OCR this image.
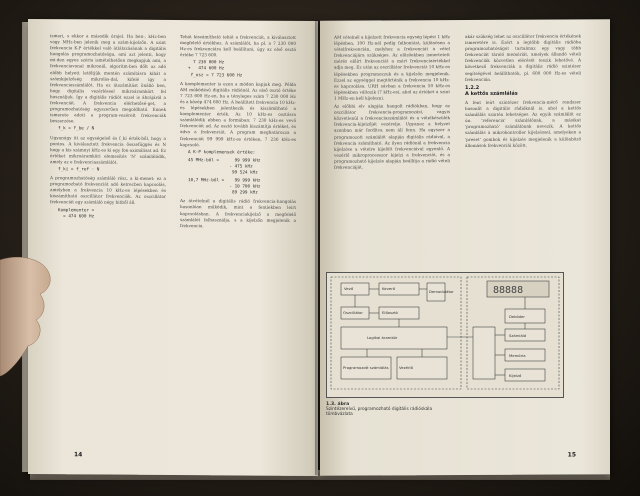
ismeri, s ekkor a második órajel. Ha ben-, kHz-ben vagy MHz-ben jelenik meg a szám-kijelzőn. A szint frekvencia K-P értékkel való átlátszásának a digitális hangolás programozhatósága, ami azt jelenti, hogy mi-den egyes széria ismételhetően megkapjuk ami, a frekvenciavonal mikronál, algoritm-ben dőlt az adó előbb helyett letöltjük mentén számításra kihát a számkijelzőség mikrolás-dal, kifelé így a frekvenciaszámlálót. Ha ez átszámítást önálló ben, hogy digitális vezérléssel mikroáramkört fel használjuk. Így a digitális rádiót ezzel is ábrájáról a frekvenciát. A frekvencia elérhetősé-get, a programozhatóság egyszerűen megoldható. Ennek ismerete adott a program-vezérelt frekvenciák beszerzése.

f_k = f_be / N

Ugyanúgy itt az egységelső és f_ki érték-ből, hogy a pontos. A kiválasztott frekvencia összefüggés és N hogy a kis számnyi kHz-es ki egy fon-aximálisat ad. Ez értéket mikroáramköri elemesítés 'N' számlálódik, amely az e frekvenciaszámlálót.

f_ki = f_ref · N

A programozhatóság számláló rész, a ki-menet: ez a programozható frekvenciát adó ketrecben kapcsolás, amelyben a frekvencia 10 kHz-es lépésekben és kiszámítható oszcillátor frekvenciák. Az oszcillátor frekvenciát egy számláló négy bitből áll.

Komplementer =
= 474 600 Hz

Tehát kiszámítható tehát a frekvenciát, a kiválasztott megfelelő értékhez. A számlálót, ha pl. a 7 230 000 Hz-es frekvenciára kell beállítani, úgy az első osztó értéke 7 723 600.

7 230 000 Hz
+   474 600 Hz
f_osz = 7 723 600 Hz

A komplementer is ezen a módon kapjuk meg. Példa AM működésű digitális rádiónál. Az első osztó értéke 7 723 600 Hz-en, ha a tényleges szám 7 230 000 Hz és a közép 474 600 Hz. A beállított frekvencia 10 kHz-es lépésekben jelentkezik és kiszámítható a komplementer érték. Az 10 kHz-es osztásra számlálódik ebben a formában: 7 230 kHz-es vevő frekvenciát ad. Az osztó tovább kiszámítja értéket, és adva a frekvenciát. A program meghatározza a frekvenciát 99 999 kHz-es értéken, 7 230 kHz-es kapcsoló.

A K-P komplemensek értéke:
45 MHz-ből =      99 999 kHz
- 475 kHz
99 524 kHz
10,7 MHz-ből =    99 999 kHz
- 10 700 kHz
89 299 kHz

Az átvételnél a digitális rádió frekvencia-hangolás hasonlóan működik, mint a fentiekben leírt kapcsolásban. A frekvenciakijelző a megfelelő számlálót felhasználja, s a kijelzőn megjelenik a frekvencia.

14

AM vételnél a kijelzett frekvencia egység lépést 1 kHz lépésben, 100 Hz-nél pedig felbontást, különösen a vételfrekvencián, melyhez a frekvenciát a vétel frekvenciájára szükséges. Az előzőekben ismertetett mérés előírt frekvenciát a mért frekvenciaértékkel adja meg. Ez után az oszcillátor frekvenciát 10 kHz-es lépésekben programozzuk és a kijelzőn megjelenik. Ezzel az egységgel megtörténik a frekvencia 10 kHz-es kapcsolása. URH sávban a frekvencia 50 kHz-es lépésekben változik (7 kHz-es), ahol az értéket a szint 1 MHz-en kell kijelezni.

Az előbbi elv alapján hangolt rádiókban, hogy az oszcillátor frekvencia-programozást, vagyis közvetlenül a frekvenciaszámlálót és a vételkészülék frekvencia-kijelzőjét vezérelje. Ugyanez a helyzet azonban már fordítva nem áll fenn. Ha egyszer a programozott számlálót alapján digitális rádióval, a frekvencia számítható. Az ilyen rádiónál a frekvencia kijelzése a vételre kijelölt frekvenciával egyenlő. A vezérlő mikroprocesszor kijelzi a frekvenciát, és a programozható kijelzés alapján beállítja a rádió vételi frekvenciáját.

akár szükség lehet az oszcillátor frekvencia értékének ismeretére is. Ezért a legtöbb digitális rádióba programozhatóságot tartalmaz egy vagy több frekvenciát tároló memóriát, amelyek állandó vételi frekvenciák közvetlen elérését teszik lehetővé. A következő frekvenciák a digitális rádió szintézer segítségével beállíthatók, pl. 600 000 Hz-es vételi frekvencián.

1.2.2
A kettős számlálás

A fent leírt szintézer frekvencia-mérő rendszer hasonlít a digitális rádióknál is, ahol a kettős számlálás szintén lehetséges. Az egyik számlálót az ún. 'referencia' számlálónak, a másikat 'programozható' számlálónak nevezik. A kettős számlálás a mikrokontroller kijelzéssel, amelyeken a 'preset' gombok és kijelzés megjelenik a különböző állomások frekvenciái között.

15
Vevő	Keverő
Demodulátor
Oszcillátor	Előosztó
Logikai áramkör
Programozott számlálás	Vezérlő
88888
Dekóder
Számláló
Memória
Kijelző
1.3. ábra
Szintézerelvű, programozható digitális rádióskála tömbvázlata
